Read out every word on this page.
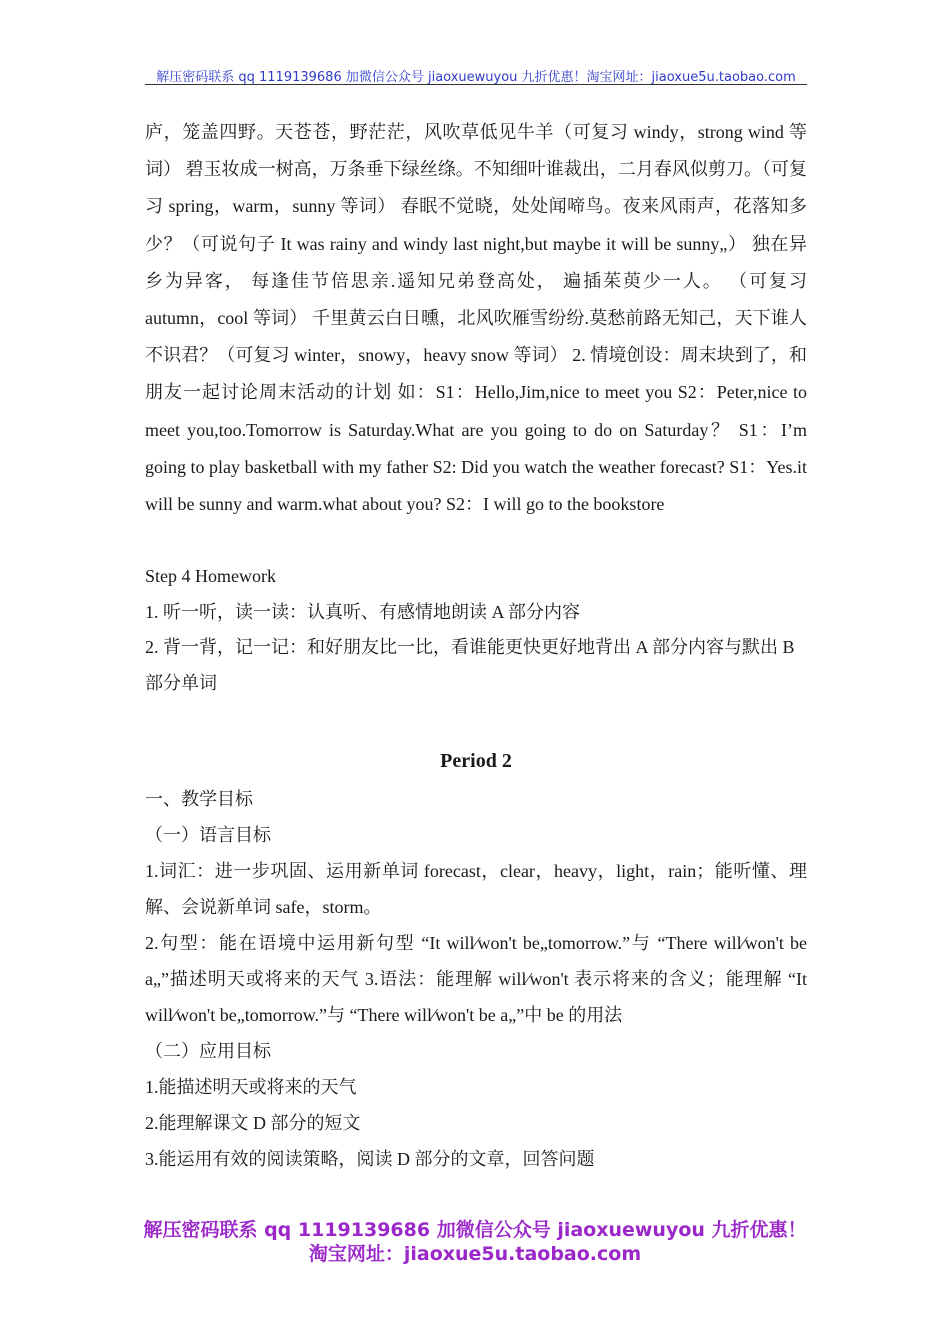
解压密码联系 qq 1119139686 加微信公众号 jiaoxuewuyou 九折优惠！淘宝网址：jiaoxue5u.taobao.com

庐，笼盖四野。天苍苍，野茫茫，风吹草低见牛羊（可复习 windy，strong wind 等词） 碧玉妆成一树高，万条垂下绿丝绦。不知细叶谁裁出，二月春风似剪刀。（可复习 spring，warm，sunny 等词） 春眠不觉晓，处处闻啼鸟。夜来风雨声，花落知多少？（可说句子 It was rainy and windy last night,but maybe it will be sunny„） 独在异乡为异客， 每逢佳节倍思亲.遥知兄弟登高处， 遍插茱萸少一人。 （可复习 autumn，cool 等词） 千里黄云白日曛，北风吹雁雪纷纷.莫愁前路无知己，天下谁人不识君？（可复习 winter，snowy，heavy snow 等词） 2. 情境创设：周末块到了，和朋友一起讨论周末活动的计划 如：S1：Hello,Jim,nice to meet you S2：Peter,nice to meet you,too.Tomorrow is Saturday.What are you going to do on Saturday？ S1：I’m going to play basketball with my father S2: Did you watch the weather forecast? S1：Yes.it will be sunny and warm.what about you? S2：I will go to the bookstore

Step 4 Homework

1. 听一听，读一读：认真听、有感情地朗读 A 部分内容

2. 背一背，记一记：和好朋友比一比，看谁能更快更好地背出 A 部分内容与默出 B 部分单词

Period 2

一、教学目标

（一）语言目标

1.词汇：进一步巩固、运用新单词 forecast，clear，heavy，light，rain；能听懂、理解、会说新单词 safe，storm。

2.句型：能在语境中运用新句型 “It will⁄won't be„tomorrow.”与 “There will⁄won't be a„”描述明天或将来的天气 3.语法：能理解 will⁄won't 表示将来的含义；能理解 “It will⁄won't be„tomorrow.”与 “There will⁄won't be a„”中 be 的用法

（二）应用目标

1.能描述明天或将来的天气

2.能理解课文 D 部分的短文

3.能运用有效的阅读策略，阅读 D 部分的文章，回答问题

解压密码联系 qq 1119139686 加微信公众号 jiaoxuewuyou 九折优惠！
淘宝网址：jiaoxue5u.taobao.com
